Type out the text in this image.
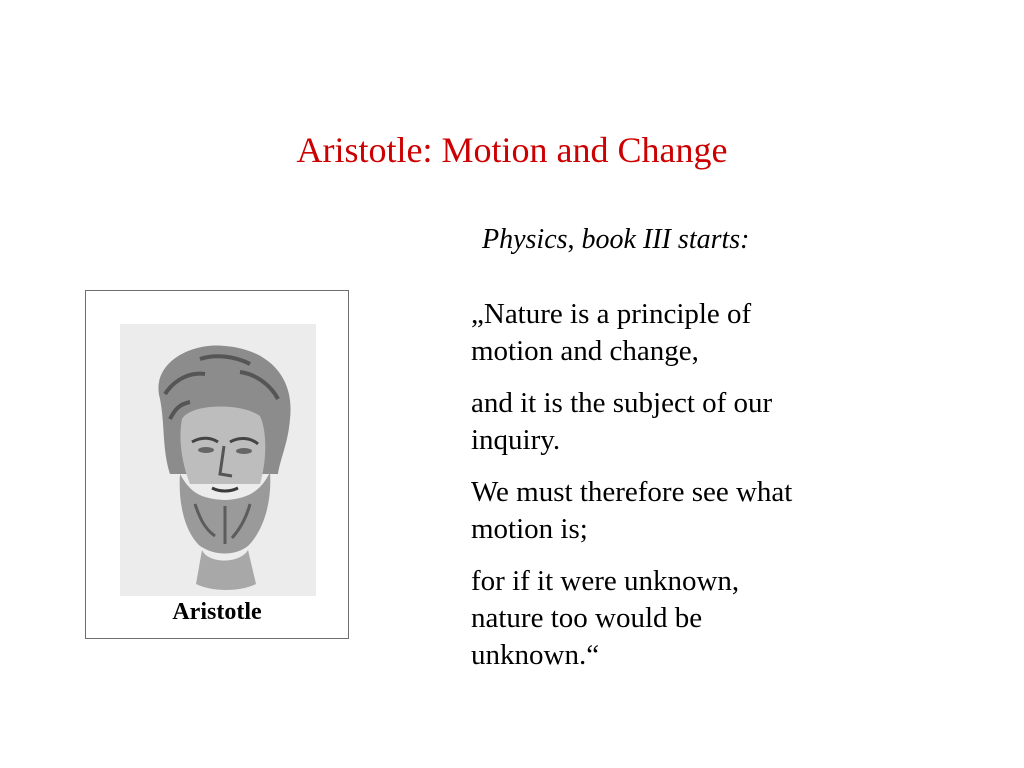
Aristotle: Motion and Change
Physics, book III starts:
Aristotle

„Nature is a principle of
motion and change,

and it is the subject of our
inquiry.

We must therefore see what
motion is;

for if it were unknown,
nature too would be
unknown.“
